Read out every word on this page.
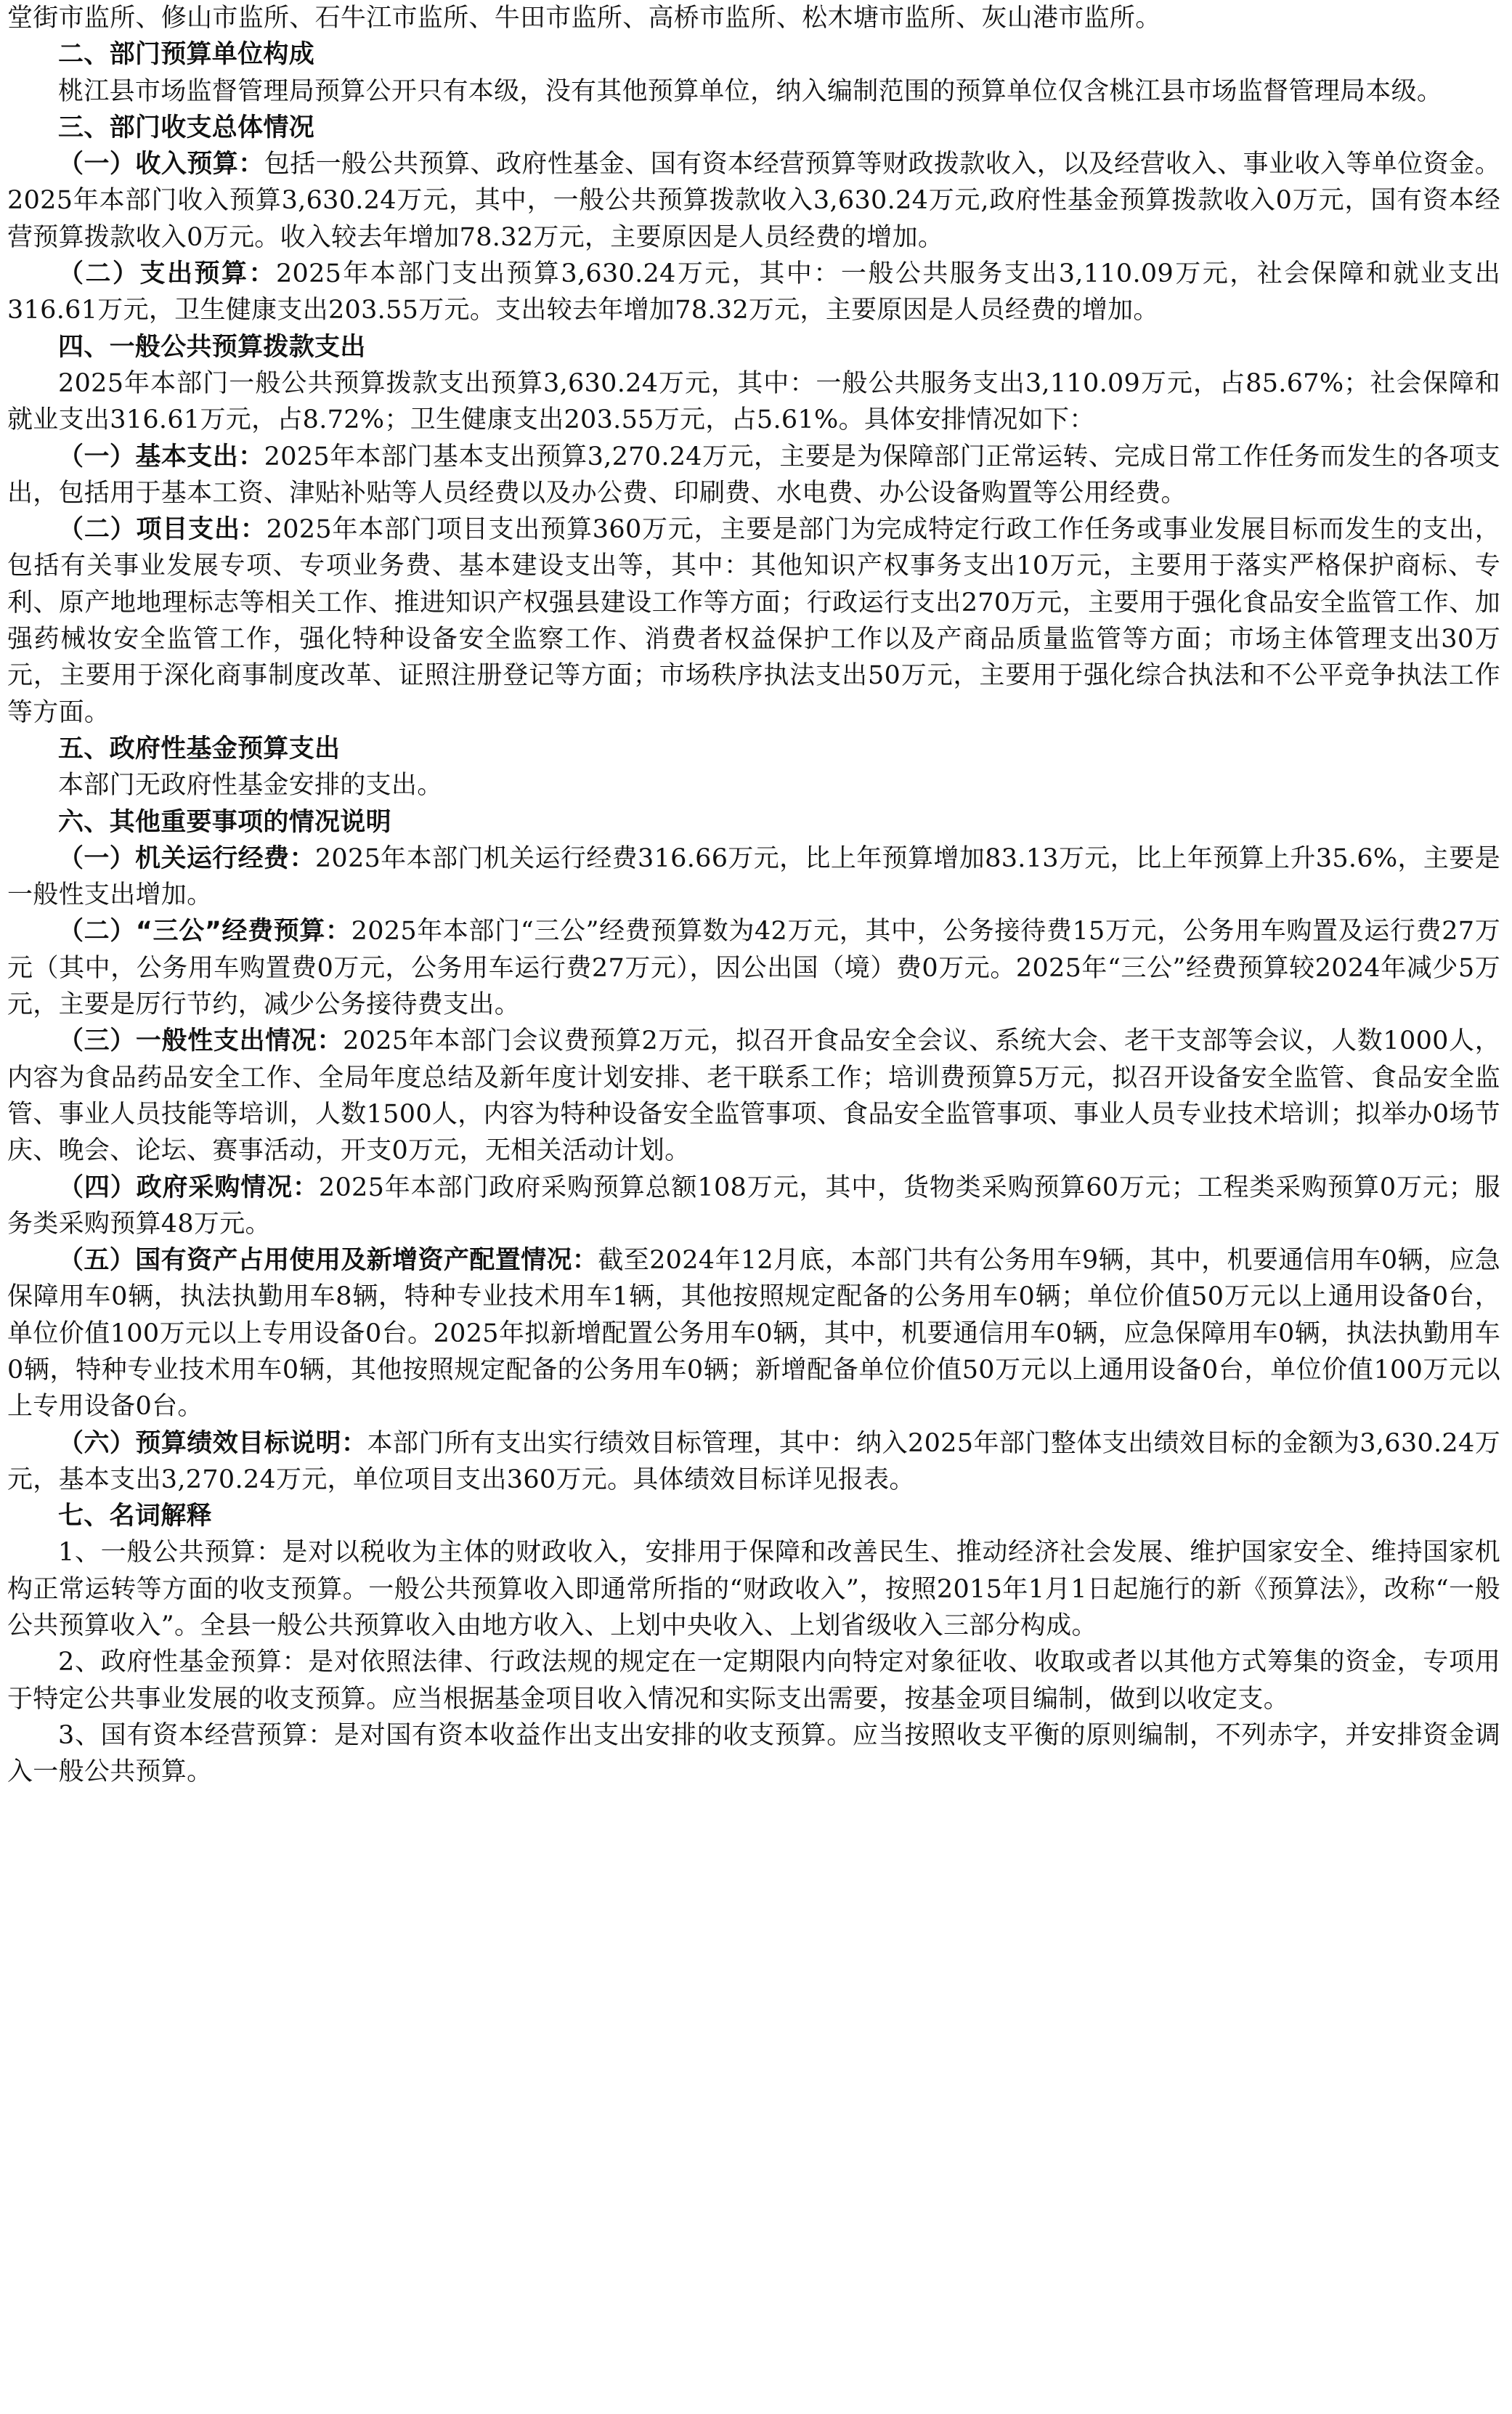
堂街市监所、修山市监所、石牛江市监所、牛田市监所、高桥市监所、松木塘市监所、灰山港市监所。

二、部门预算单位构成

桃江县市场监督管理局预算公开只有本级，没有其他预算单位，纳入编制范围的预算单位仅含桃江县市场监督管理局本级。

三、部门收支总体情况

（一）收入预算：包括一般公共预算、政府性基金、国有资本经营预算等财政拨款收入，以及经营收入、事业收入等单位资金。2025年本部门收入预算3,630.24万元，其中，一般公共预算拨款收入3,630.24万元,政府性基金预算拨款收入0万元，国有资本经营预算拨款收入0万元。收入较去年增加78.32万元，主要原因是人员经费的增加。

（二）支出预算：2025年本部门支出预算3,630.24万元，其中：一般公共服务支出3,110.09万元，社会保障和就业支出316.61万元，卫生健康支出203.55万元。支出较去年增加78.32万元，主要原因是人员经费的增加。

四、一般公共预算拨款支出

2025年本部门一般公共预算拨款支出预算3,630.24万元，其中：一般公共服务支出3,110.09万元，占85.67%；社会保障和就业支出316.61万元，占8.72%；卫生健康支出203.55万元，占5.61%。具体安排情况如下：

（一）基本支出：2025年本部门基本支出预算3,270.24万元，主要是为保障部门正常运转、完成日常工作任务而发生的各项支出，包括用于基本工资、津贴补贴等人员经费以及办公费、印刷费、水电费、办公设备购置等公用经费。

（二）项目支出：2025年本部门项目支出预算360万元，主要是部门为完成特定行政工作任务或事业发展目标而发生的支出，包括有关事业发展专项、专项业务费、基本建设支出等，其中：其他知识产权事务支出10万元，主要用于落实严格保护商标、专利、原产地地理标志等相关工作、推进知识产权强县建设工作等方面；行政运行支出270万元，主要用于强化食品安全监管工作、加强药械妆安全监管工作，强化特种设备安全监察工作、消费者权益保护工作以及产商品质量监管等方面；市场主体管理支出30万元，主要用于深化商事制度改革、证照注册登记等方面；市场秩序执法支出50万元，主要用于强化综合执法和不公平竞争执法工作等方面。

五、政府性基金预算支出

本部门无政府性基金安排的支出。

六、其他重要事项的情况说明

（一）机关运行经费：2025年本部门机关运行经费316.66万元，比上年预算增加83.13万元，比上年预算上升35.6%，主要是一般性支出增加。

（二）“三公”经费预算：2025年本部门“三公”经费预算数为42万元，其中，公务接待费15万元，公务用车购置及运行费27万元（其中，公务用车购置费0万元，公务用车运行费27万元），因公出国（境）费0万元。2025年“三公”经费预算较2024年减少5万元，主要是厉行节约，减少公务接待费支出。

（三）一般性支出情况：2025年本部门会议费预算2万元，拟召开食品安全会议、系统大会、老干支部等会议，人数1000人，内容为食品药品安全工作、全局年度总结及新年度计划安排、老干联系工作；培训费预算5万元，拟召开设备安全监管、食品安全监管、事业人员技能等培训，人数1500人，内容为特种设备安全监管事项、食品安全监管事项、事业人员专业技术培训；拟举办0场节庆、晚会、论坛、赛事活动，开支0万元，无相关活动计划。

（四）政府采购情况：2025年本部门政府采购预算总额108万元，其中，货物类采购预算60万元；工程类采购预算0万元；服务类采购预算48万元。

（五）国有资产占用使用及新增资产配置情况：截至2024年12月底，本部门共有公务用车9辆，其中，机要通信用车0辆，应急保障用车0辆，执法执勤用车8辆，特种专业技术用车1辆，其他按照规定配备的公务用车0辆；单位价值50万元以上通用设备0台，单位价值100万元以上专用设备0台。2025年拟新增配置公务用车0辆，其中，机要通信用车0辆，应急保障用车0辆，执法执勤用车0辆，特种专业技术用车0辆，其他按照规定配备的公务用车0辆；新增配备单位价值50万元以上通用设备0台，单位价值100万元以上专用设备0台。

（六）预算绩效目标说明：本部门所有支出实行绩效目标管理，其中：纳入2025年部门整体支出绩效目标的金额为3,630.24万元，基本支出3,270.24万元，单位项目支出360万元。具体绩效目标详见报表。

七、名词解释

1、一般公共预算：是对以税收为主体的财政收入，安排用于保障和改善民生、推动经济社会发展、维护国家安全、维持国家机构正常运转等方面的收支预算。一般公共预算收入即通常所指的“财政收入”，按照2015年1月1日起施行的新《预算法》，改称“一般公共预算收入”。全县一般公共预算收入由地方收入、上划中央收入、上划省级收入三部分构成。

2、政府性基金预算：是对依照法律、行政法规的规定在一定期限内向特定对象征收、收取或者以其他方式筹集的资金，专项用于特定公共事业发展的收支预算。应当根据基金项目收入情况和实际支出需要，按基金项目编制，做到以收定支。

3、国有资本经营预算：是对国有资本收益作出支出安排的收支预算。应当按照收支平衡的原则编制，不列赤字，并安排资金调入一般公共预算。
